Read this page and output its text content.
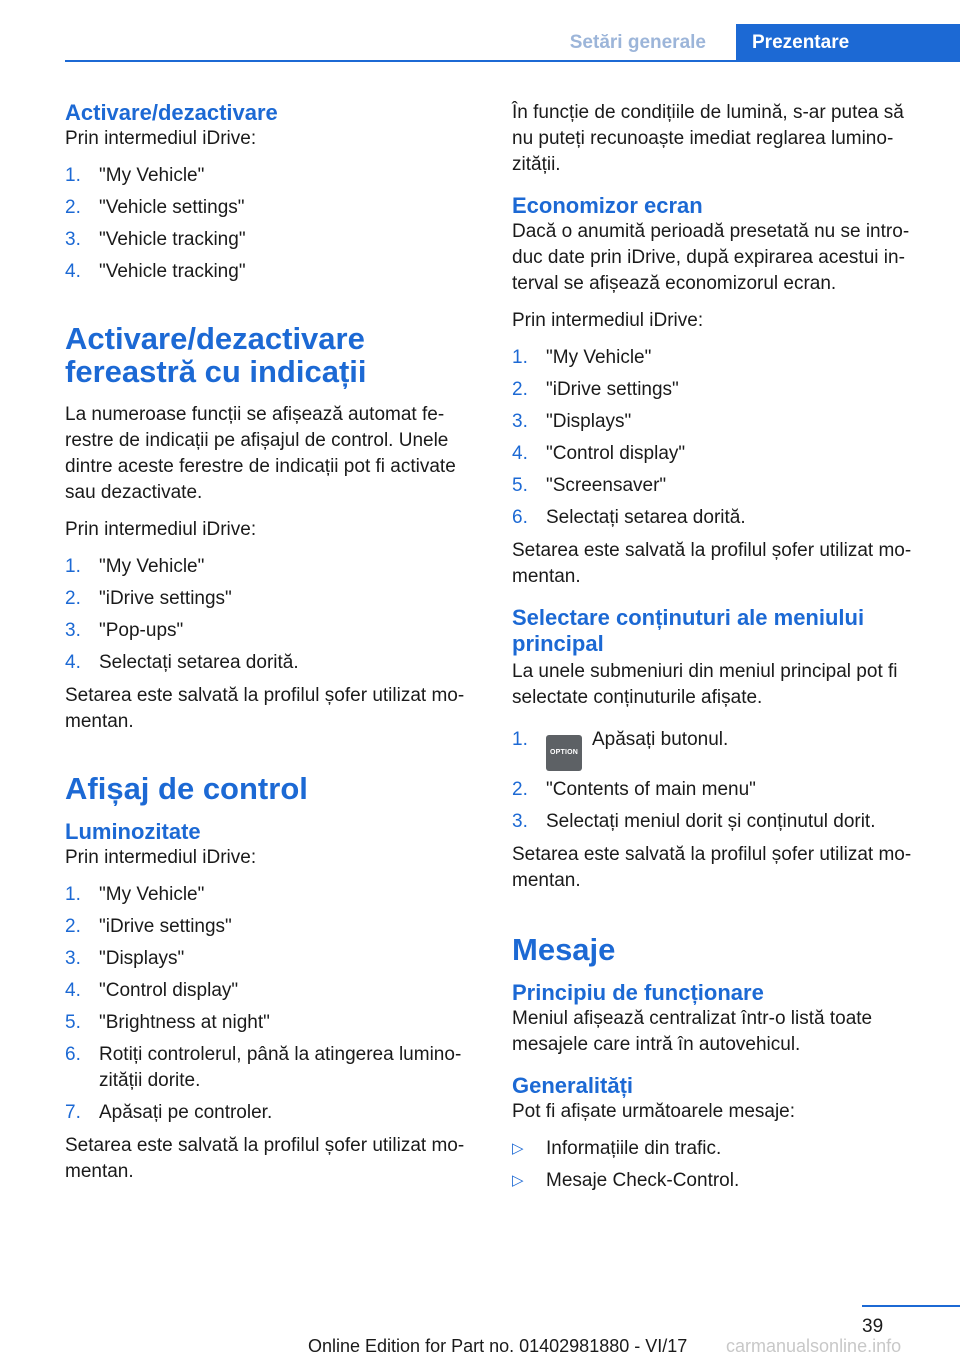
Setări generale	Prezentare
Activare/dezactivare

Prin intermediul iDrive:

1. "My Vehicle"
2. "Vehicle settings"
3. "Vehicle tracking"
4. "Vehicle tracking"
Activare/dezactivare
fereastră cu indicații

La numeroase funcții se afișează automat ferestre de indicații pe afișajul de control. Unele dintre aceste ferestre de indicații pot fi activate sau dezactivate.

Prin intermediul iDrive:

1. "My Vehicle"
2. "iDrive settings"
3. "Pop-ups"
4. Selectați setarea dorită.

Setarea este salvată la profilul șofer utilizat momentan.

Afișaj de control
Luminozitate

Prin intermediul iDrive:

1. "My Vehicle"
2. "iDrive settings"
3. "Displays"
4. "Control display"
5. "Brightness at night"
6. Rotiți controlerul, până la atingerea luminozității dorite.
7. Apăsați pe controler.

Setarea este salvată la profilul șofer utilizat momentan.

În funcție de condițiile de lumină, s-ar putea să nu puteți recunoaște imediat reglarea luminozității.

Economizor ecran

Dacă o anumită perioadă presetată nu se introduc date prin iDrive, după expirarea acestui interval se afișează economizorul ecran.

Prin intermediul iDrive:

1. "My Vehicle"
2. "iDrive settings"
3. "Displays"
4. "Control display"
5. "Screensaver"
6. Selectați setarea dorită.

Setarea este salvată la profilul șofer utilizat momentan.

Selectare conținuturi ale meniului principal

La unele submeniuri din meniul principal pot fi selectate conținuturile afișate.

1.
OPTIONApăsați butonul.
2. "Contents of main menu"
3. Selectați meniul dorit și conținutul dorit.

Setarea este salvată la profilul șofer utilizat momentan.

Mesaje
Principiu de funcționare

Meniul afișează centralizat într-o listă toate mesajele care intră în autovehicul.

Generalități

Pot fi afișate următoarele mesaje:

▷ Informațiile din trafic.
▷ Mesaje Check-Control.
39
Online Edition for Part no. 01402981880 - VI/17 carmanualsonline.info
